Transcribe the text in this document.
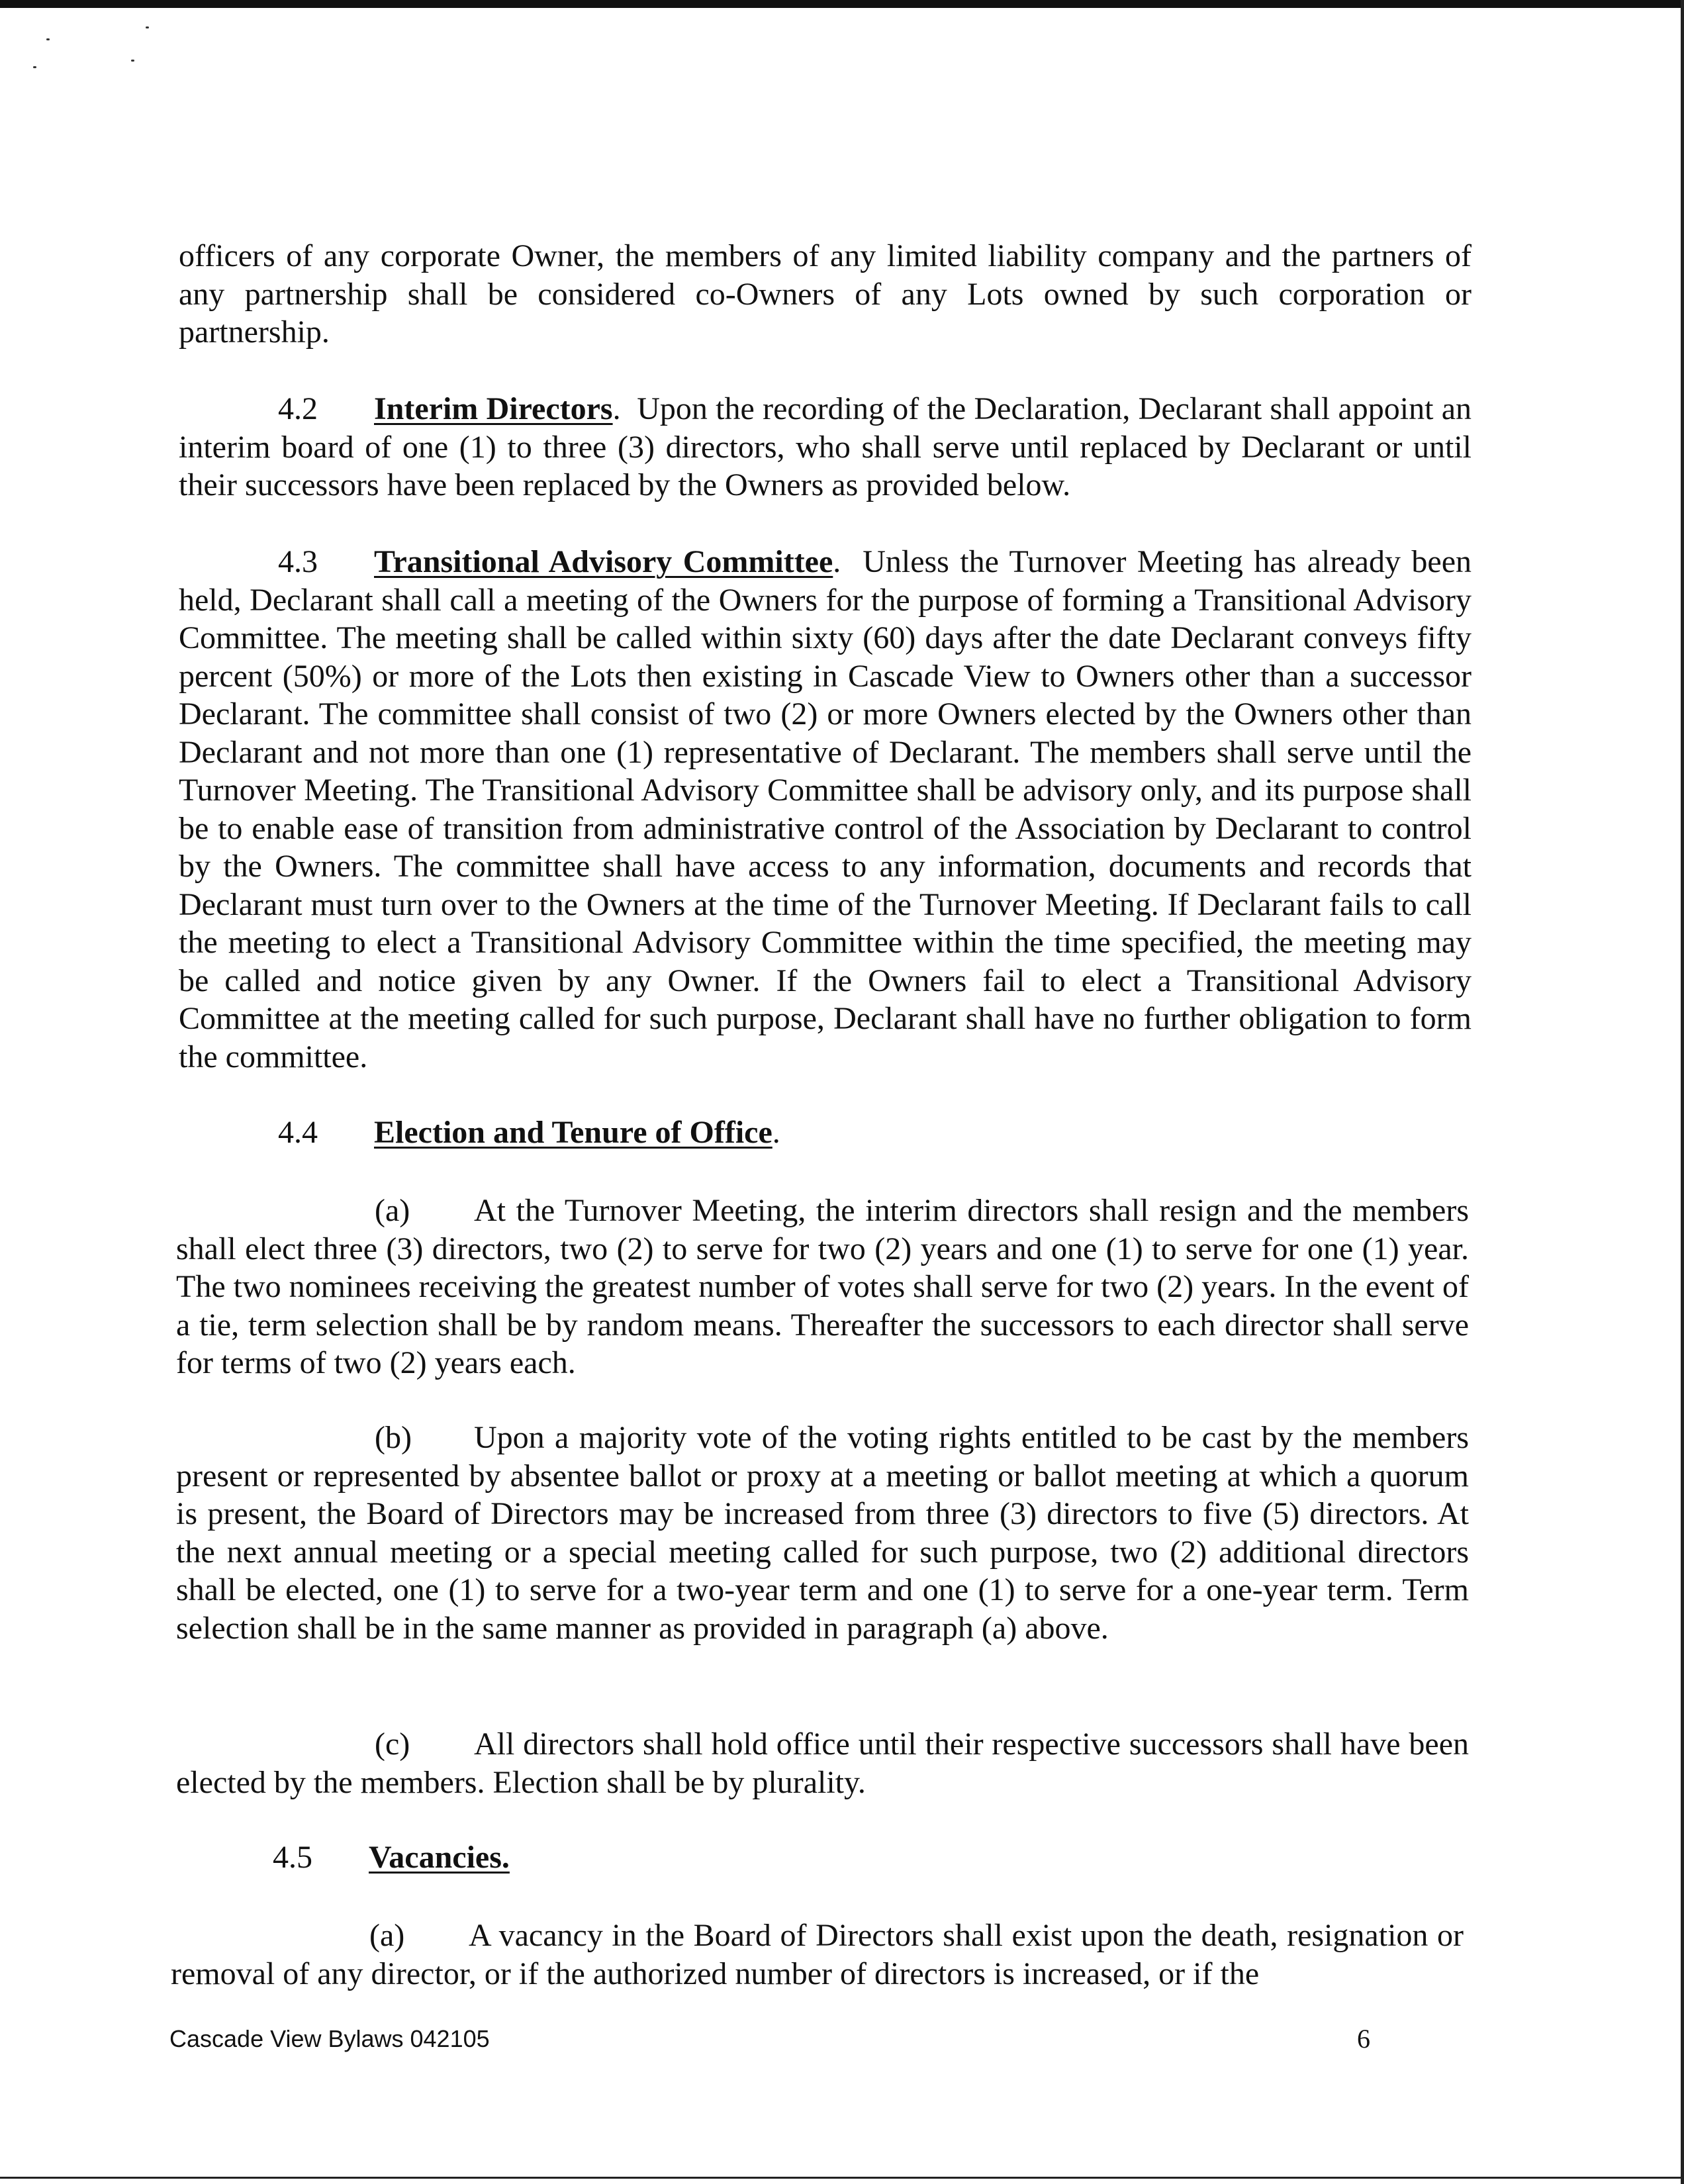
officers of any corporate Owner, the members of any limited liability company and the partners of any partnership shall be considered co-Owners of any Lots owned by such corporation or partnership.

4.2 Interim Directors.  Upon the recording of the Declaration, Declarant shall appoint an interim board of one (1) to three (3) directors, who shall serve until replaced by Declarant or until their successors have been replaced by the Owners as provided below.

4.3 Transitional Advisory Committee.  Unless the Turnover Meeting has already been held, Declarant shall call a meeting of the Owners for the purpose of forming a Transitional Advisory Committee. The meeting shall be called within sixty (60) days after the date Declarant conveys fifty percent (50%) or more of the Lots then existing in Cascade View to Owners other than a successor Declarant. The committee shall consist of two (2) or more Owners elected by the Owners other than Declarant and not more than one (1) representative of Declarant. The members shall serve until the Turnover Meeting. The Transitional Advisory Committee shall be advisory only, and its purpose shall be to enable ease of transition from administrative control of the Association by Declarant to control by the Owners. The committee shall have access to any information, documents and records that Declarant must turn over to the Owners at the time of the Turnover Meeting. If Declarant fails to call the meeting to elect a Transitional Advisory Committee within the time specified, the meeting may be called and notice given by any Owner. If the Owners fail to elect a Transitional Advisory Committee at the meeting called for such purpose, Declarant shall have no further obligation to form the committee.

4.4 Election and Tenure of Office.

(a) At the Turnover Meeting, the interim directors shall resign and the members shall elect three (3) directors, two (2) to serve for two (2) years and one (1) to serve for one (1) year. The two nominees receiving the greatest number of votes shall serve for two (2) years. In the event of a tie, term selection shall be by random means. Thereafter the successors to each director shall serve for terms of two (2) years each.

(b) Upon a majority vote of the voting rights entitled to be cast by the members present or represented by absentee ballot or proxy at a meeting or ballot meeting at which a quorum is present, the Board of Directors may be increased from three (3) directors to five (5) directors. At the next annual meeting or a special meeting called for such purpose, two (2) additional directors shall be elected, one (1) to serve for a two-year term and one (1) to serve for a one-year term. Term selection shall be in the same manner as provided in paragraph (a) above.

(c) All directors shall hold office until their respective successors shall have been elected by the members. Election shall be by plurality.

4.5 Vacancies.

(a) A vacancy in the Board of Directors shall exist upon the death, resignation or removal of any director, or if the authorized number of directors is increased, or if the

Cascade View Bylaws 042105	6
